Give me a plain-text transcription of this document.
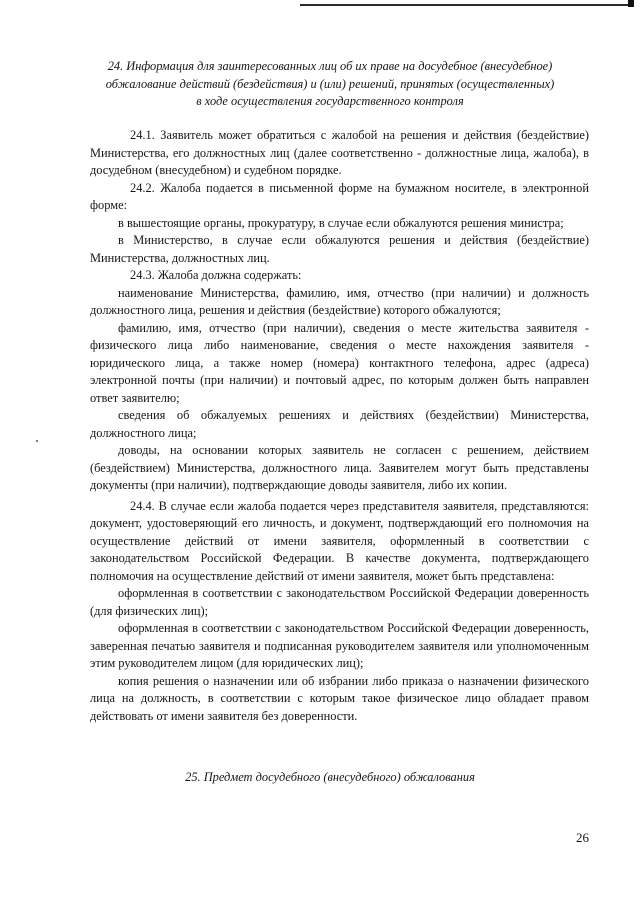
24. Информация для заинтересованных лиц об их праве на досудебное (внесудебное)
обжалование действий (бездействия) и (или) решений, принятых (осуществленных)
в ходе осуществления государственного контроля

24.1. Заявитель может обратиться с жалобой на решения и действия (бездействие) Министерства, его должностных лиц (далее соответственно - должностные лица, жалоба), в досудебном (внесудебном) и судебном порядке.

24.2. Жалоба подается в письменной форме на бумажном носителе, в электронной форме:

в вышестоящие органы, прокуратуру, в случае если обжалуются решения министра;

в Министерство, в случае если обжалуются решения и действия (бездействие) Министерства, должностных лиц.

24.3. Жалоба должна содержать:

наименование Министерства, фамилию, имя, отчество (при наличии) и должность должностного лица, решения и действия (бездействие) которого обжалуются;

фамилию, имя, отчество (при наличии), сведения о месте жительства заявителя - физического лица либо наименование, сведения о месте нахождения заявителя - юридического лица, а также номер (номера) контактного телефона, адрес (адреса) электронной почты (при наличии) и почтовый адрес, по которым должен быть направлен ответ заявителю;

сведения об обжалуемых решениях и действиях (бездействии) Министерства, должностного лица;

доводы, на основании которых заявитель не согласен с решением, действием (бездействием) Министерства, должностного лица. Заявителем могут быть представлены документы (при наличии), подтверждающие доводы заявителя, либо их копии.

24.4. В случае если жалоба подается через представителя заявителя, представляются: документ, удостоверяющий его личность, и документ, подтверждающий его полномочия на осуществление действий от имени заявителя, оформленный в соответствии с законодательством Российской Федерации. В качестве документа, подтверждающего полномочия на осуществление действий от имени заявителя, может быть представлена:

оформленная в соответствии с законодательством Российской Федерации доверенность (для физических лиц);

оформленная в соответствии с законодательством Российской Федерации доверенность, заверенная печатью заявителя и подписанная руководителем заявителя или уполномоченным этим руководителем лицом (для юридических лиц);

копия решения о назначении или об избрании либо приказа о назначении физического лица на должность, в соответствии с которым такое физическое лицо обладает правом действовать от имени заявителя без доверенности.

25. Предмет досудебного (внесудебного) обжалования
26
